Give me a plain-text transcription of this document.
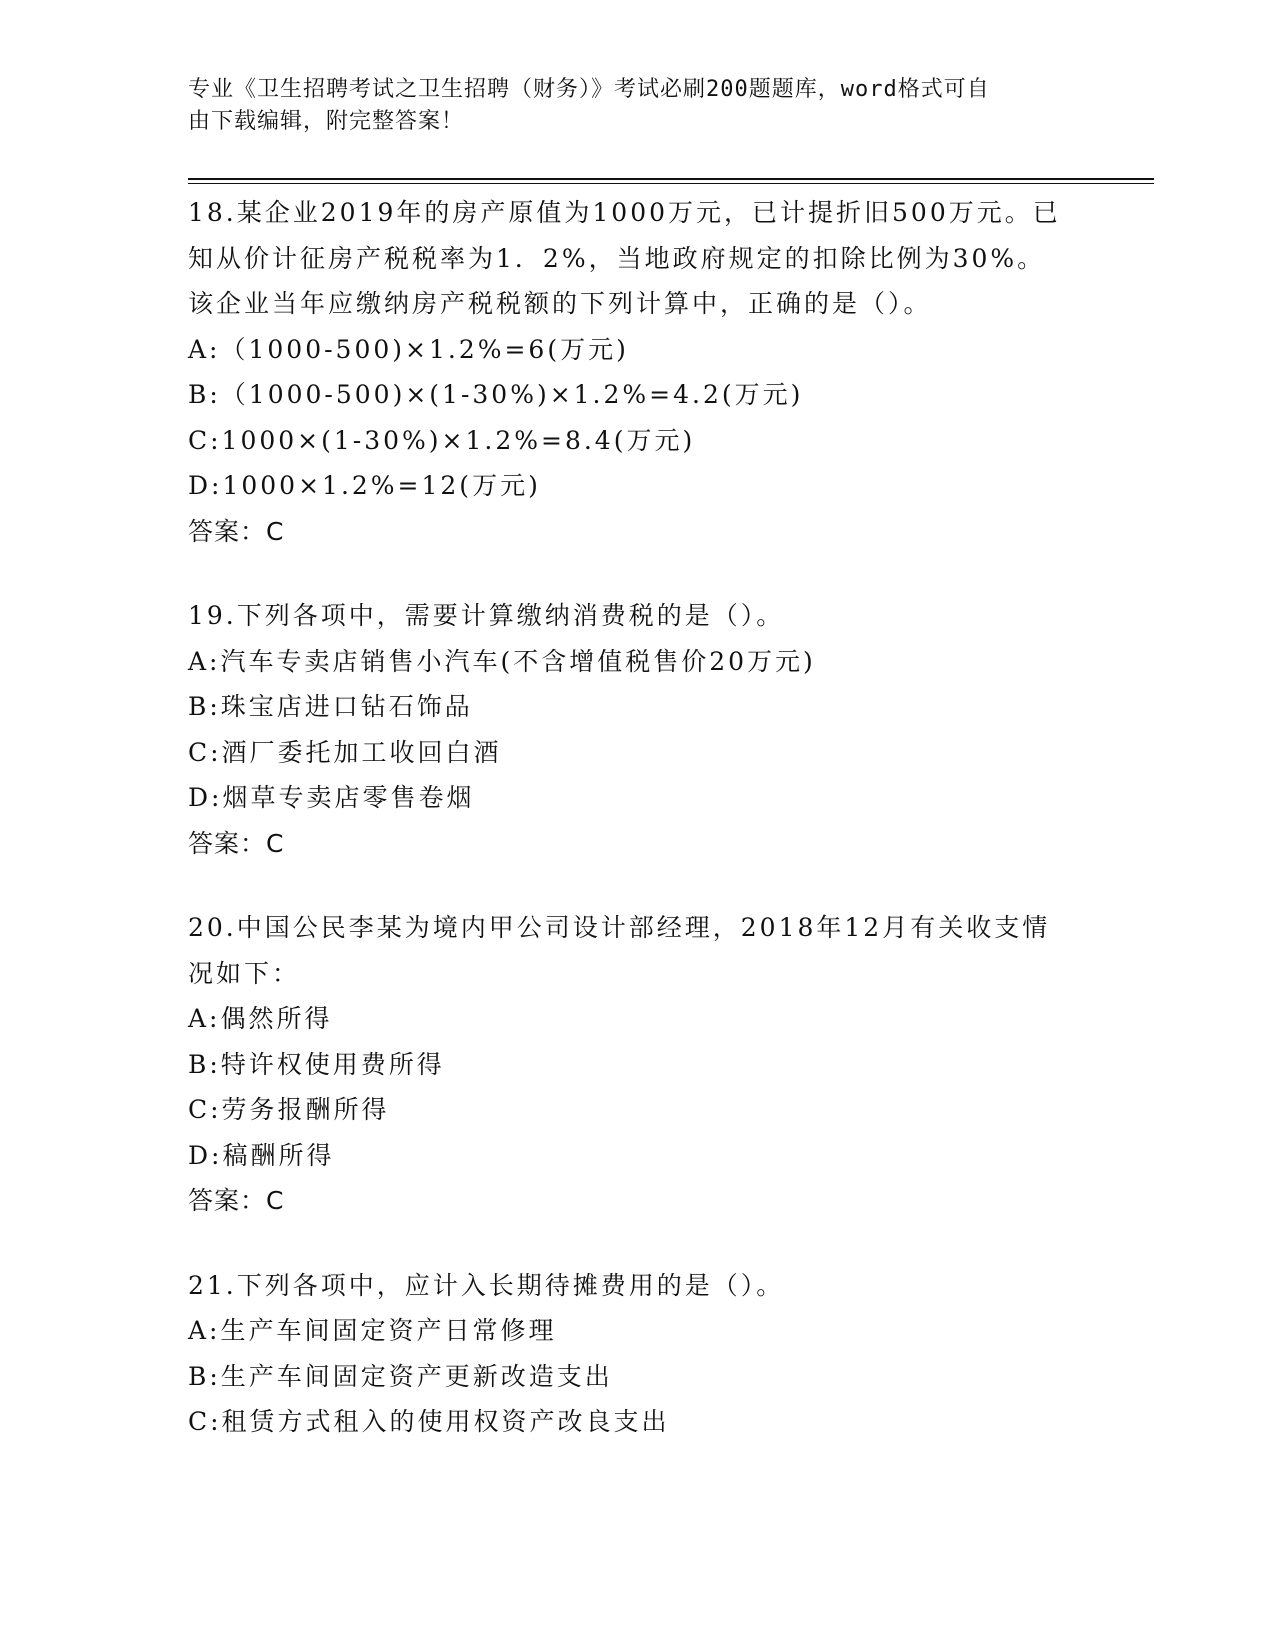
专业《卫生招聘考试之卫生招聘（财务）》考试必刷200题题库，word格式可自
由下载编辑，附完整答案！

18.某企业2019年的房产原值为1000万元，已计提折旧500万元。已

知从价计征房产税税率为1．2%，当地政府规定的扣除比例为30%。

该企业当年应缴纳房产税税额的下列计算中，正确的是（）。

A:（1000-500)×1.2%=6(万元)

B:（1000-500)×(1-30%)×1.2%=4.2(万元)

C:1000×(1-30%)×1.2%=8.4(万元)

D:1000×1.2%=12(万元)

答案：C

19.下列各项中，需要计算缴纳消费税的是（）。

A:汽车专卖店销售小汽车(不含增值税售价20万元)

B:珠宝店进口钻石饰品

C:酒厂委托加工收回白酒

D:烟草专卖店零售卷烟

答案：C

20.中国公民李某为境内甲公司设计部经理，2018年12月有关收支情

况如下：

A:偶然所得

B:特许权使用费所得

C:劳务报酬所得

D:稿酬所得

答案：C

21.下列各项中，应计入长期待摊费用的是（）。

A:生产车间固定资产日常修理

B:生产车间固定资产更新改造支出

C:租赁方式租入的使用权资产改良支出
